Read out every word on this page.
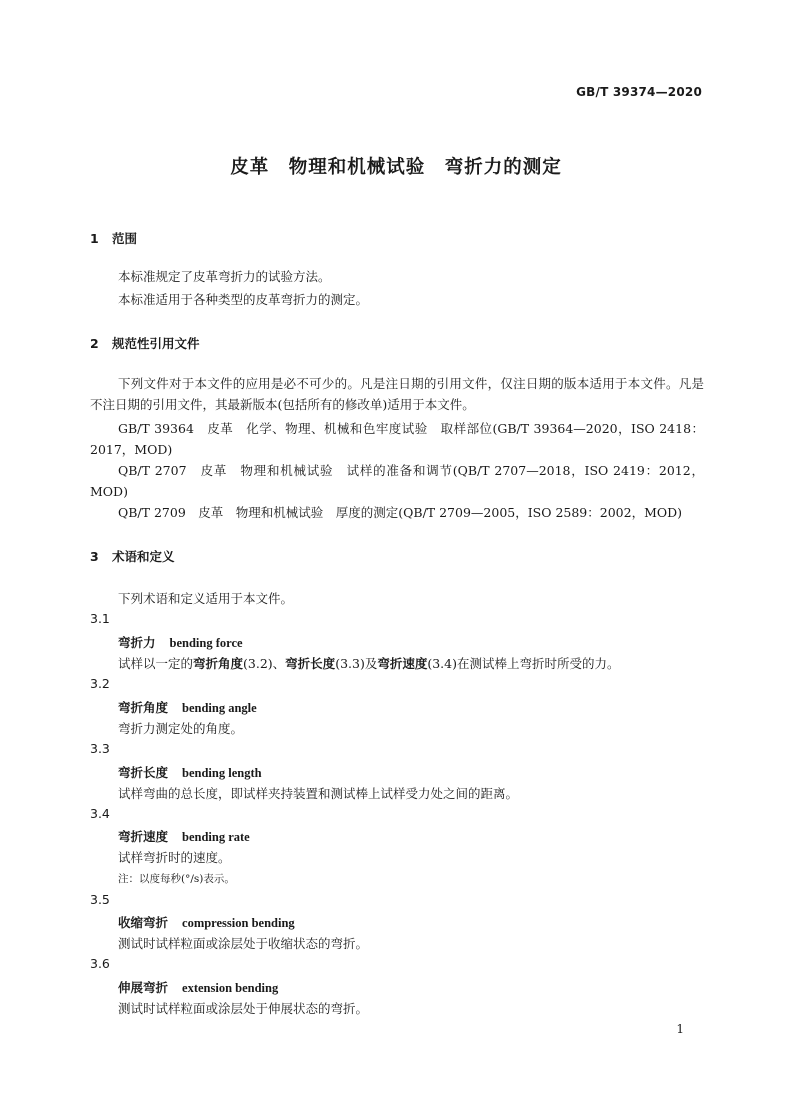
GB/T 39374—2020
皮革　物理和机械试验　弯折力的测定
1 范围
本标准规定了皮革弯折力的试验方法。
本标准适用于各种类型的皮革弯折力的测定。
2 规范性引用文件
下列文件对于本文件的应用是必不可少的。凡是注日期的引用文件，仅注日期的版本适用于本文件。凡是不注日期的引用文件，其最新版本(包括所有的修改单)适用于本文件。
GB/T 39364　皮革　化学、物理、机械和色牢度试验　取样部位(GB/T 39364—2020，ISO 2418：2017，MOD)
QB/T 2707　皮革　物理和机械试验　试样的准备和调节(QB/T 2707—2018，ISO 2419：2012，MOD)
QB/T 2709　皮革　物理和机械试验　厚度的测定(QB/T 2709—2005，ISO 2589：2002，MOD)
3 术语和定义
下列术语和定义适用于本文件。
3.1
弯折力 bending force
试样以一定的弯折角度(3.2)、弯折长度(3.3)及弯折速度(3.4)在测试棒上弯折时所受的力。
3.2
弯折角度 bending angle
弯折力测定处的角度。
3.3
弯折长度 bending length
试样弯曲的总长度，即试样夹持装置和测试棒上试样受力处之间的距离。
3.4
弯折速度 bending rate
试样弯折时的速度。
注：以度每秒(°/s)表示。
3.5
收缩弯折 compression bending
测试时试样粒面或涂层处于收缩状态的弯折。
3.6
伸展弯折 extension bending
测试时试样粒面或涂层处于伸展状态的弯折。
1
